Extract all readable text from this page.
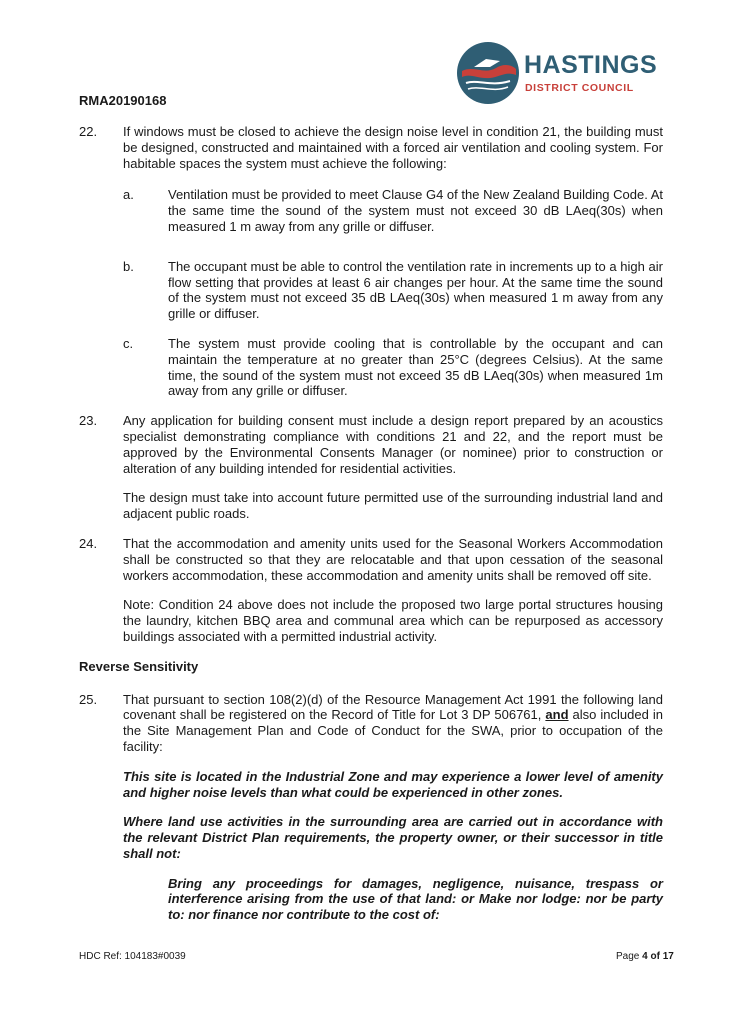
HASTINGS
DISTRICT COUNCIL

RMA20190168

22.	If windows must be closed to achieve the design noise level in condition 21, the building must be designed, constructed and maintained with a forced air ventilation and cooling system. For habitable spaces the system must achieve the following:

a.	Ventilation must be provided to meet Clause G4 of the New Zealand Building Code. At the same time the sound of the system must not exceed 30 dB LAeq(30s) when measured 1 m away from any grille or diffuser.
b.	The occupant must be able to control the ventilation rate in increments up to a high air flow setting that provides at least 6 air changes per hour. At the same time the sound of the system must not exceed 35 dB LAeq(30s) when measured 1 m away from any grille or diffuser.
c.	The system must provide cooling that is controllable by the occupant and can maintain the temperature at no greater than 25°C (degrees Celsius). At the same time, the sound of the system must not exceed 35 dB LAeq(30s) when measured 1m away from any grille or diffuser.
23.	Any application for building consent must include a design report prepared by an acoustics specialist demonstrating compliance with conditions 21 and 22, and the report must be approved by the Environmental Consents Manager (or nominee) prior to construction or alteration of any building intended for residential activities.

The design must take into account future permitted use of the surrounding industrial land and adjacent public roads.

24.	That the accommodation and amenity units used for the Seasonal Workers Accommodation shall be constructed so that they are relocatable and that upon cessation of the seasonal workers accommodation, these accommodation and amenity units shall be removed off site.

Note: Condition 24 above does not include the proposed two large portal structures housing the laundry, kitchen BBQ area and communal area which can be repurposed as accessory buildings associated with a permitted industrial activity.

Reverse Sensitivity

25.	That pursuant to section 108(2)(d) of the Resource Management Act 1991 the following land covenant shall be registered on the Record of Title for Lot 3 DP 506761, and also included in the Site Management Plan and Code of Conduct for the SWA, prior to occupation of the facility:

This site is located in the Industrial Zone and may experience a lower level of amenity and higher noise levels than what could be experienced in other zones.

Where land use activities in the surrounding area are carried out in accordance with the relevant District Plan requirements, the property owner, or their successor in title shall not:

Bring any proceedings for damages, negligence, nuisance, trespass or interference arising from the use of that land: or Make nor lodge: nor be party to: nor finance nor contribute to the cost of:

HDC Ref: 104183#0039	Page 4 of 17
